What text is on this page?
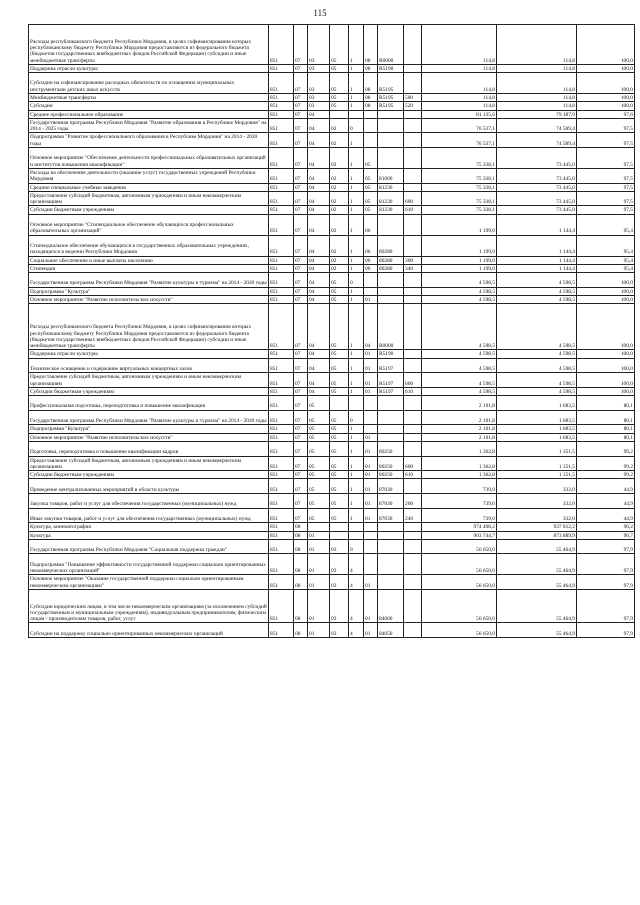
115
Расходы республиканского бюджета Республики Мордовия, в целях софинансирования которых республиканскому бюджету Республики Мордовия предоставляются из федерального бюджета (бюджетов государственных внебюджетных фондов Российской Федерации) субсидии и иные межбюджетные трансферты	851	07	03	05	1	08	R0000		114,8	114,8	100,0
Поддержка отрасли культуры	851	07	03	05	1	08	R5190		114,8	114,8	100,0
Субсидии на софинансирование расходных обязательств по оснащению муниципальных инструментами детских школ искусств	851	07	03	05	1	08	R5195		114,8	114,8	100,0
Межбюджетные трансферты	851	07	03	05	1	08	R5195	500	114,8	114,8	100,0
Субсидии	851	07	03	05	1	08	R5195	520	114,8	114,8	100,0
Среднее профессиональное образование	851	07	04						81 135,6	79 187,9	97,6
Государственная программа Республики Мордовия "Развитие образования в Республике Мордовия" на 2014 - 2025 годы	851	07	04	02	0				76 537,1	74 589,4	97,5
Подпрограмма "Развитие профессионального образования в Республике Мордовия" на 2014 - 2020 годы	851	07	04	02	1				76 537,1	74 589,4	97,5
Основное мероприятие "Обеспечение деятельности профессиональных образовательных организаций и институтов повышения квалификации"	851	07	04	02	1	05			75 338,1	73 445,0	97,5
Расходы на обеспечение деятельности (оказание услуг) государственных учреждений Республики Мордовия	851	07	04	02	1	05	81000		75 338,1	73 445,0	97,5
Средние специальные учебные заведения	851	07	04	02	1	05	81230		75 338,1	73 445,0	97,5
Предоставление субсидий бюджетным, автономным учреждениям и иным некоммерческим организациям	851	07	04	02	1	05	81230	600	75 338,1	73 445,0	97,5
Субсидии бюджетным учреждениям	851	07	04	02	1	05	81230	610	75 338,1	73 445,0	97,5
Основное мероприятие "Стипендиальное обеспечение обучающихся профессиональных образовательных организаций"	851	07	04	02	1	06			1 199,0	1 144,4	95,4
Стипендиальное обеспечение обучающихся в государственных образовательных учреждениях, находящихся в ведении Республики Мордовия	851	07	04	02	1	06	80280		1 199,0	1 144,4	95,4
Социальное обеспечение и иные выплаты населению	851	07	04	02	1	06	80280	300	1 199,0	1 144,4	95,4
Стипендии	851	07	04	02	1	06	80280	340	1 199,0	1 144,4	95,4
Государственная программа Республики Мордовия "Развитие культуры и туризма" на 2014 - 2020 годы	851	07	04	05	0				4 598,5	4 598,5	100,0
Подпрограмма "Культура"	851	07	04	05	1				4 598,5	4 598,5	100,0
Основное мероприятие "Развитие исполнительских искусств"	851	07	04	05	1	01			4 598,5	4 598,5	100,0
Расходы республиканского бюджета Республики Мордовия, в целях софинансирования которых республиканскому бюджету Республики Мордовия предоставляются из федерального бюджета (бюджетов государственных внебюджетных фондов Российской Федерации) субсидии и иные межбюджетные трансферты	851	07	04	05	1	04	R0000		4 598,5	4 598,5	100,0
Поддержка отрасли культуры	851	07	04	05	1	01	R5190		4 598,5	4 598,5	100,0
Техническое оснащение и содержание виртуальных концертных залов	851	07	04	05	1	01	R5197		4 598,5	4 598,5	100,0
Предоставление субсидий бюджетным, автономным учреждениям и иным некоммерческим организациям	851	07	04	05	1	01	R5197	600	4 598,5	4 598,5	100,0
Субсидии бюджетным учреждениям	851	07	04	05	1	01	R5197	610	4 598,5	4 598,5	100,0
Профессиональная подготовка, переподготовка и повышение квалификации	851	07	05						2 101,8	1 683,5	80,1
Государственная программа Республики Мордовия "Развитие культуры и туризма" на 2014 - 2020 годы	851	07	05	05	0				2 101,8	1 683,5	80,1
Подпрограмма "Культура"	851	07	05	05	1				2 101,8	1 683,5	80,1
Основное мероприятие "Развитие исполнительских искусств"	851	07	05	05	1	01			2 101,8	1 683,5	80,1
Подготовка, переподготовка и повышение квалификации кадров	851	07	05	05	1	01	80250		1 362,8	1 351,5	99,2
Предоставление субсидий бюджетным, автономным учреждениям и иным некоммерческим организациям	851	07	05	05	1	01	80250	600	1 362,8	1 351,5	99,2
Субсидии бюджетным учреждениям	851	07	05	05	1	01	80250	610	1 362,8	1 351,5	99,2
Проведение централизованных мероприятий в области культуры	851	07	05	05	1	01	87030		739,0	332,0	44,9
Закупка товаров, работ и услуг для обеспечения государственных (муниципальных) нужд	851	07	05	05	1	01	87030	200	739,0	332,0	44,9
Иные закупки товаров, работ и услуг для обеспечения государственных (муниципальных) нужд	851	07	05	05	1	01	87030	240	739,0	332,0	44,9
Культура, кинематография	851	08							974 408,2	937 812,2	96,2
Культура	851	08	01						903 744,7	873 889,9	96,7
Государственная программа Республики Мордовия "Социальная поддержка граждан"	851	08	01	03	0				56 650,0	55 464,9	97,9
Подпрограмма "Повышение эффективности государственной поддержки социально ориентированных некоммерческих организаций"	851	08	01	03	4				56 650,0	55 464,9	97,9
Основное мероприятие "Оказание государственной поддержки социально ориентированным некоммерческим организациям"	851	08	01	03	4	01			56 650,0	55 464,9	97,9
Субсидии юридическим лицам, в том числе некоммерческим организациям (за исключением субсидий государственным и муниципальным учреждениям), индивидуальным предпринимателям, физическим лицам - производителям товаров, работ, услуг	851	08	01	03	4	01	84000		56 650,0	55 464,9	97,9
Субсидии на поддержку социально ориентированных некоммерческих организаций	851	08	01	03	4	01	84050		56 650,0	55 464,9	97,9
